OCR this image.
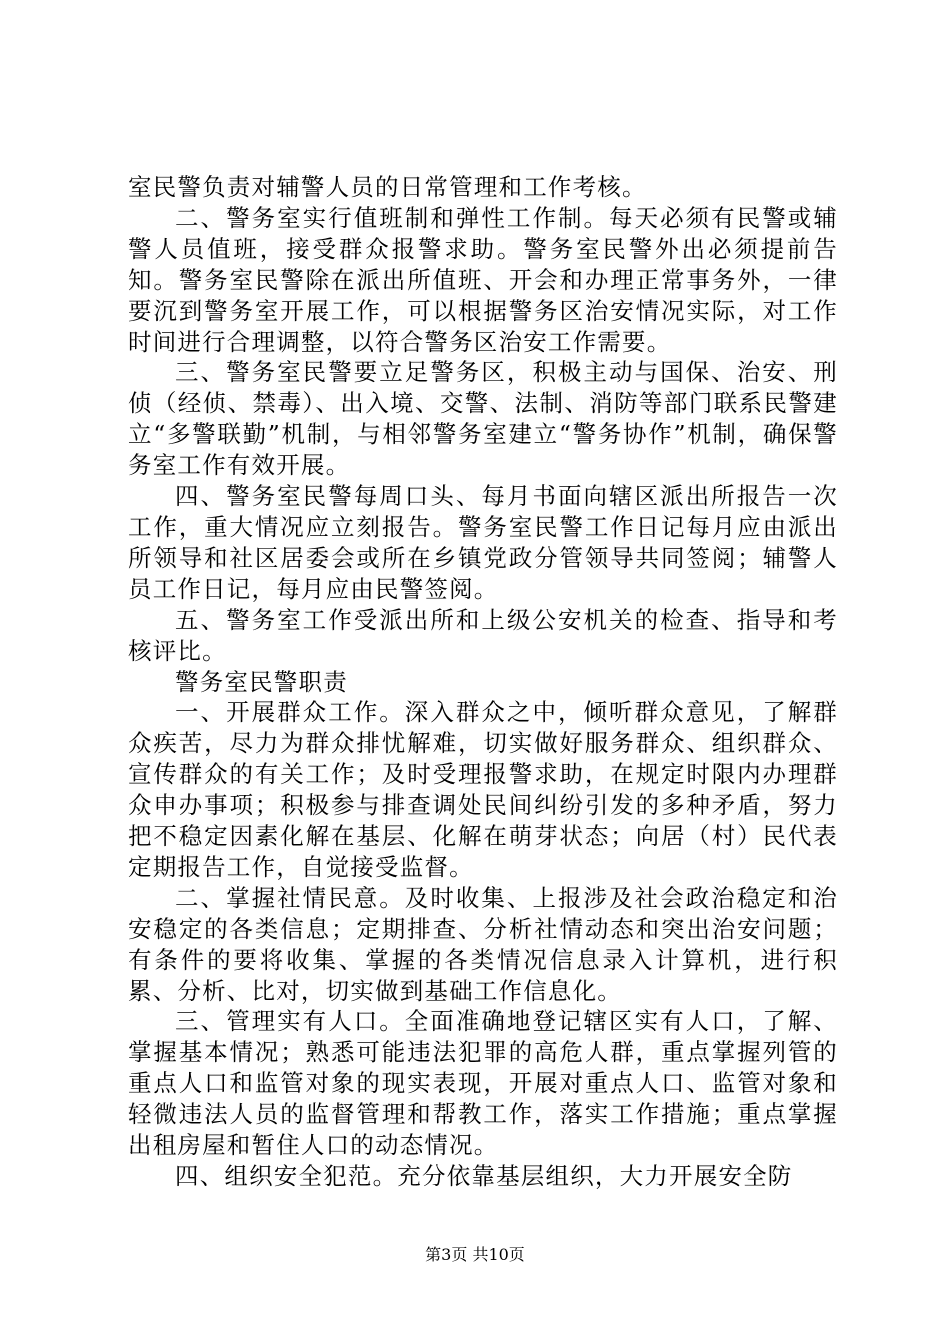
室民警负责对辅警人员的日常管理和工作考核。

二、警务室实行值班制和弹性工作制。每天必须有民警或辅警人员值班，接受群众报警求助。警务室民警外出必须提前告知。警务室民警除在派出所值班、开会和办理正常事务外，一律要沉到警务室开展工作，可以根据警务区治安情况实际，对工作时间进行合理调整，以符合警务区治安工作需要。

三、警务室民警要立足警务区，积极主动与国保、治安、刑侦（经侦、禁毒）、出入境、交警、法制、消防等部门联系民警建立“多警联勤”机制，与相邻警务室建立“警务协作”机制，确保警务室工作有效开展。

四、警务室民警每周口头、每月书面向辖区派出所报告一次工作，重大情况应立刻报告。警务室民警工作日记每月应由派出所领导和社区居委会或所在乡镇党政分管领导共同签阅；辅警人员工作日记，每月应由民警签阅。

五、警务室工作受派出所和上级公安机关的检查、指导和考核评比。

警务室民警职责

一、开展群众工作。深入群众之中，倾听群众意见，了解群众疾苦，尽力为群众排忧解难，切实做好服务群众、组织群众、宣传群众的有关工作；及时受理报警求助，在规定时限内办理群众申办事项；积极参与排查调处民间纠纷引发的多种矛盾，努力把不稳定因素化解在基层、化解在萌芽状态；向居（村）民代表定期报告工作，自觉接受监督。

二、掌握社情民意。及时收集、上报涉及社会政治稳定和治安稳定的各类信息；定期排查、分析社情动态和突出治安问题；有条件的要将收集、掌握的各类情况信息录入计算机，进行积累、分析、比对，切实做到基础工作信息化。

三、管理实有人口。全面准确地登记辖区实有人口，了解、掌握基本情况；熟悉可能违法犯罪的高危人群，重点掌握列管的重点人口和监管对象的现实表现，开展对重点人口、监管对象和轻微违法人员的监督管理和帮教工作，落实工作措施；重点掌握出租房屋和暂住人口的动态情况。

四、组织安全犯范。充分依靠基层组织，大力开展安全防

第3页 共10页
